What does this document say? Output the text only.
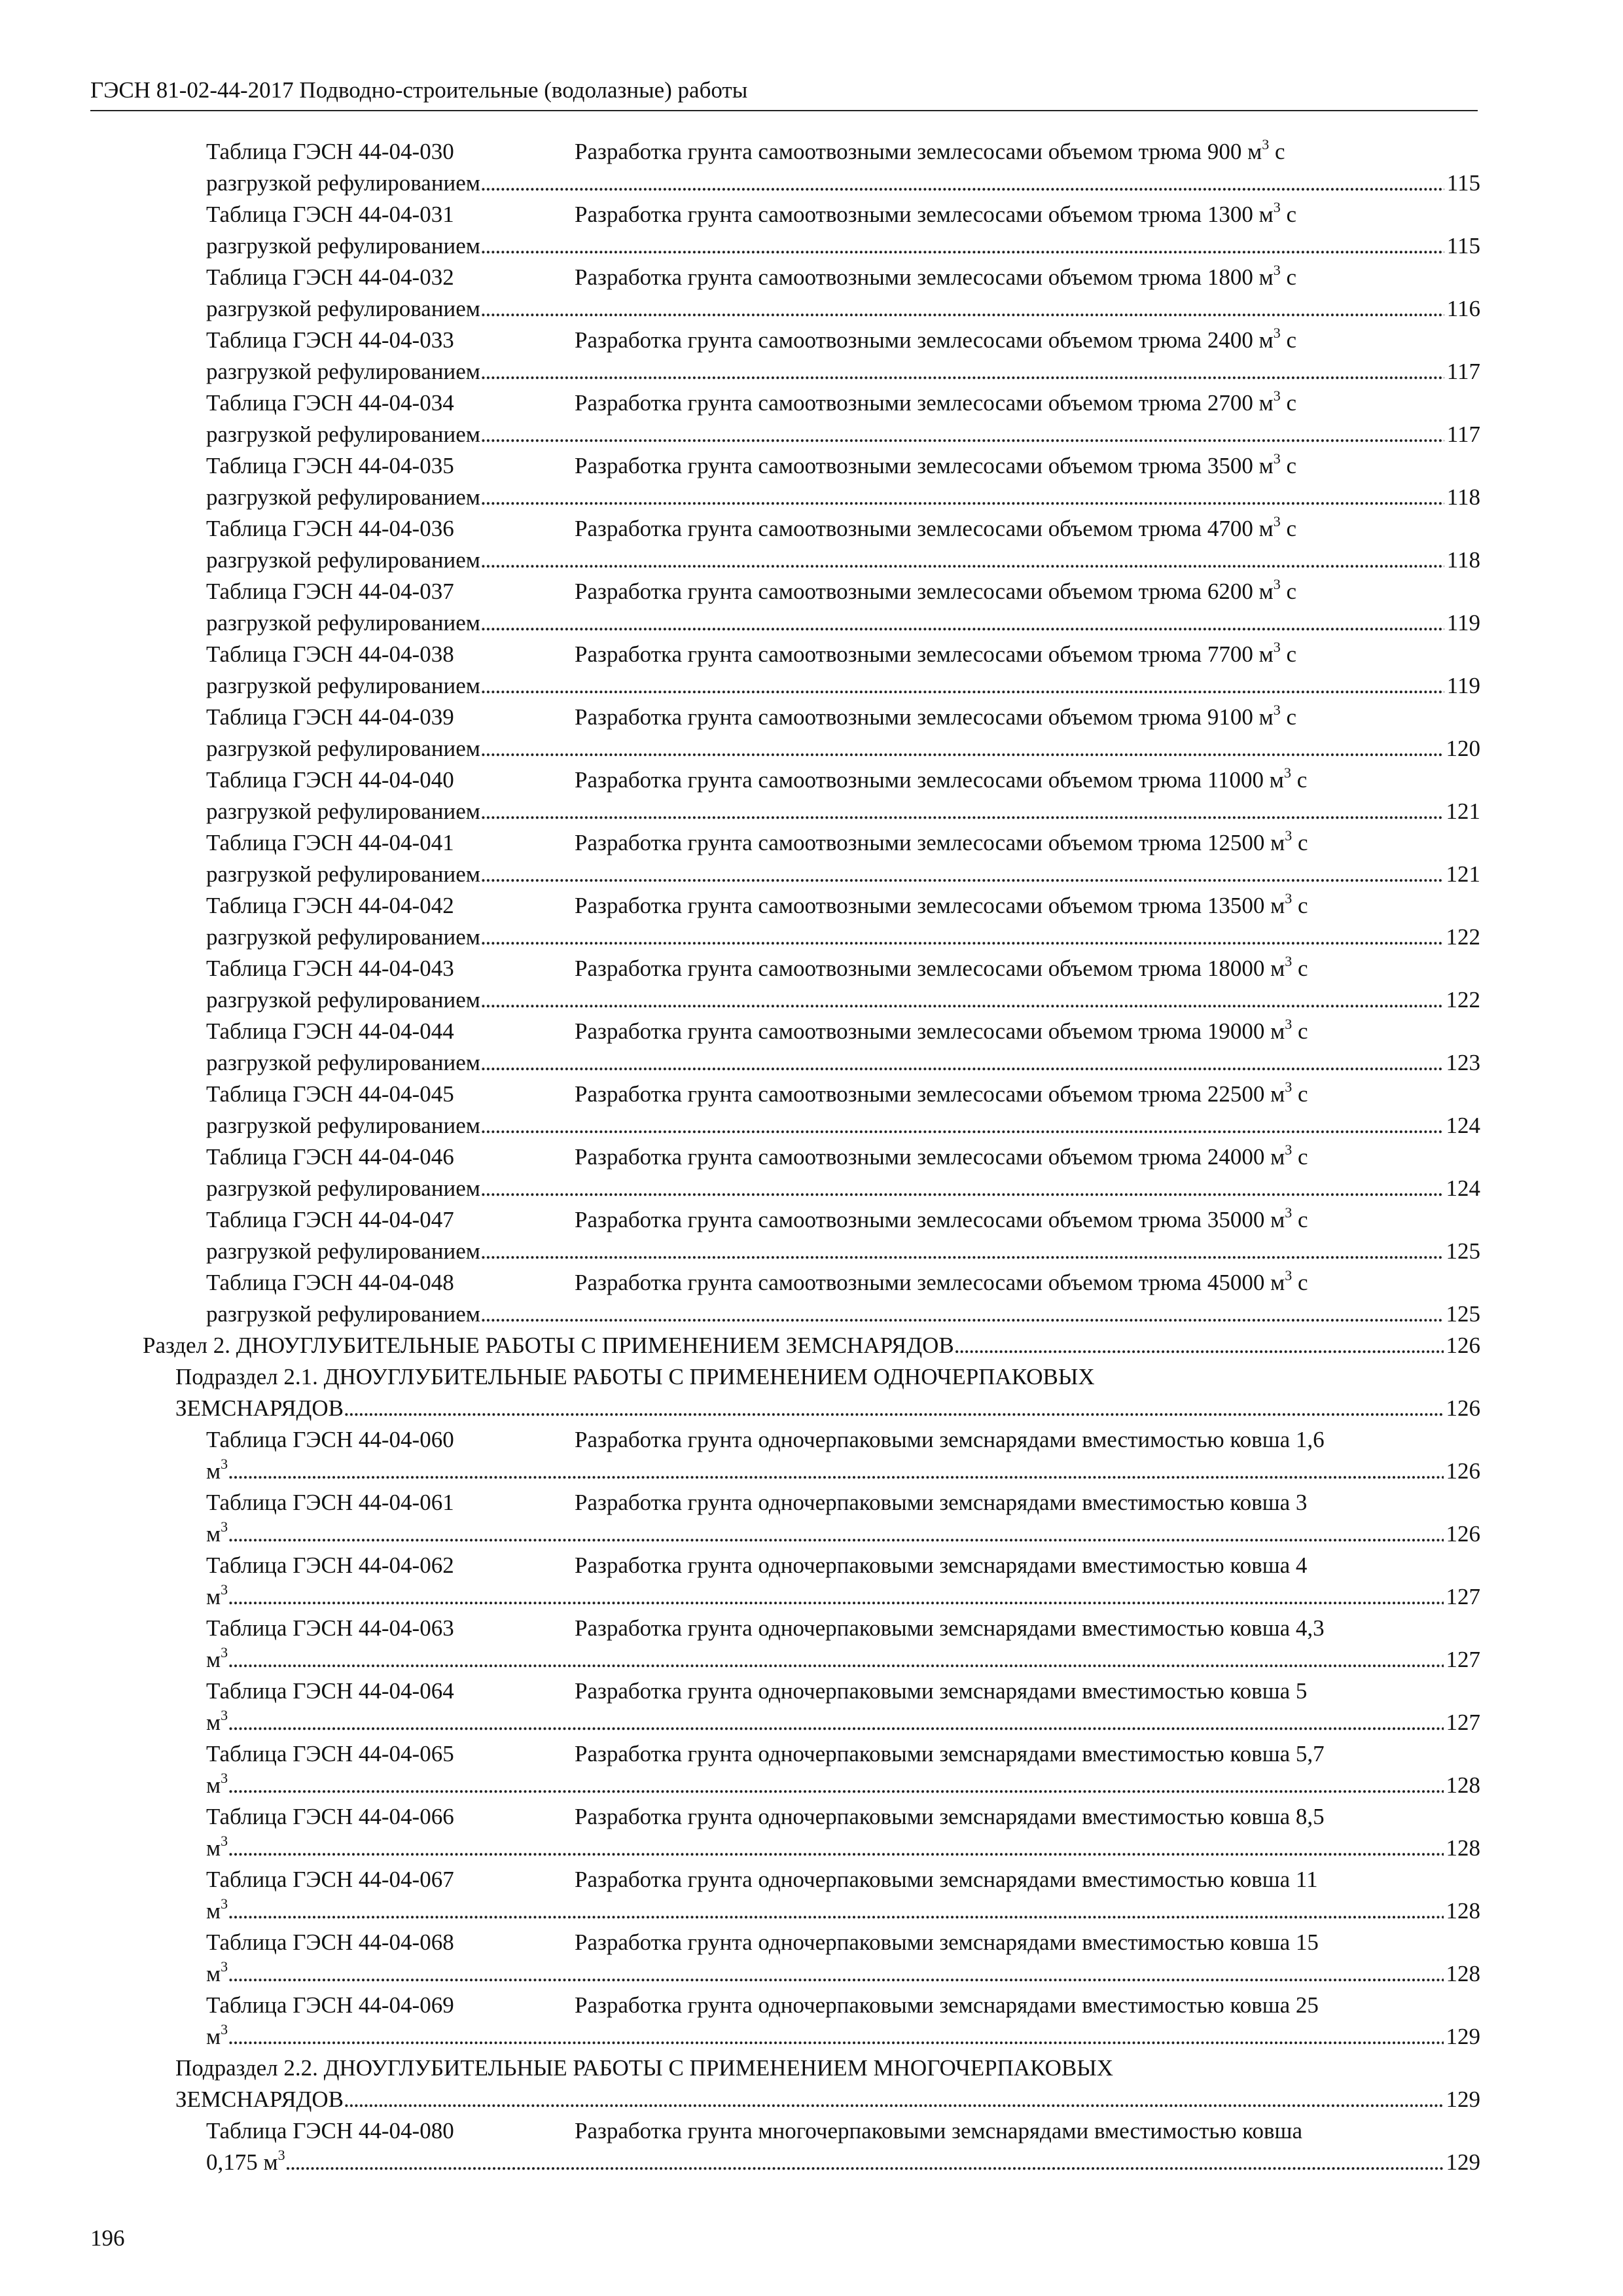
ГЭСН 81-02-44-2017 Подводно-строительные (водолазные) работы
Таблица ГЭСН 44-04-030	Разработка грунта самоотвозными землесосами объемом трюма 900 $м^3$ с
разгрузкой рефулированием . . .	115
Таблица ГЭСН 44-04-031	Разработка грунта самоотвозными землесосами объемом трюма 1300 $м^3$ с
разгрузкой рефулированием . . .	115
Таблица ГЭСН 44-04-032	Разработка грунта самоотвозными землесосами объемом трюма 1800 $м^3$ с
разгрузкой рефулированием . . .	116
Таблица ГЭСН 44-04-033	Разработка грунта самоотвозными землесосами объемом трюма 2400 $м^3$ с
разгрузкой рефулированием . . .	117
Таблица ГЭСН 44-04-034	Разработка грунта самоотвозными землесосами объемом трюма 2700 $м^3$ с
разгрузкой рефулированием . . .	117
Таблица ГЭСН 44-04-035	Разработка грунта самоотвозными землесосами объемом трюма 3500 $м^3$ с
разгрузкой рефулированием . . .	118
Таблица ГЭСН 44-04-036	Разработка грунта самоотвозными землесосами объемом трюма 4700 $м^3$ с
разгрузкой рефулированием . . .	118
Таблица ГЭСН 44-04-037	Разработка грунта самоотвозными землесосами объемом трюма 6200 $м^3$ с
разгрузкой рефулированием . . .	119
Таблица ГЭСН 44-04-038	Разработка грунта самоотвозными землесосами объемом трюма 7700 $м^3$ с
разгрузкой рефулированием . . .	119
Таблица ГЭСН 44-04-039	Разработка грунта самоотвозными землесосами объемом трюма 9100 $м^3$ с
разгрузкой рефулированием . . .	120
Таблица ГЭСН 44-04-040	Разработка грунта самоотвозными землесосами объемом трюма 11000 $м^3$ с
разгрузкой рефулированием . . .	121
Таблица ГЭСН 44-04-041	Разработка грунта самоотвозными землесосами объемом трюма 12500 $м^3$ с
разгрузкой рефулированием . . .	121
Таблица ГЭСН 44-04-042	Разработка грунта самоотвозными землесосами объемом трюма 13500 $м^3$ с
разгрузкой рефулированием . . .	122
Таблица ГЭСН 44-04-043	Разработка грунта самоотвозными землесосами объемом трюма 18000 $м^3$ с
разгрузкой рефулированием . . .	122
Таблица ГЭСН 44-04-044	Разработка грунта самоотвозными землесосами объемом трюма 19000 $м^3$ с
разгрузкой рефулированием . . .	123
Таблица ГЭСН 44-04-045	Разработка грунта самоотвозными землесосами объемом трюма 22500 $м^3$ с
разгрузкой рефулированием . . .	124
Таблица ГЭСН 44-04-046	Разработка грунта самоотвозными землесосами объемом трюма 24000 $м^3$ с
разгрузкой рефулированием . . .	124
Таблица ГЭСН 44-04-047	Разработка грунта самоотвозными землесосами объемом трюма 35000 $м^3$ с
разгрузкой рефулированием . . .	125
Таблица ГЭСН 44-04-048	Разработка грунта самоотвозными землесосами объемом трюма 45000 $м^3$ с
разгрузкой рефулированием . . .	125
Раздел 2. ДНОУГЛУБИТЕЛЬНЫЕ РАБОТЫ С ПРИМЕНЕНИЕМ ЗЕМСНАРЯДОВ . . .	126
Подраздел 2.1. ДНОУГЛУБИТЕЛЬНЫЕ РАБОТЫ С ПРИМЕНЕНИЕМ ОДНОЧЕРПАКОВЫХ
ЗЕМСНАРЯДОВ . . .	126
Таблица ГЭСН 44-04-060	Разработка грунта одночерпаковыми земснарядами вместимостью ковша 1,6
$м^3$ . . .	126
Таблица ГЭСН 44-04-061	Разработка грунта одночерпаковыми земснарядами вместимостью ковша 3
$м^3$ . . .	126
Таблица ГЭСН 44-04-062	Разработка грунта одночерпаковыми земснарядами вместимостью ковша 4
$м^3$ . . .	127
Таблица ГЭСН 44-04-063	Разработка грунта одночерпаковыми земснарядами вместимостью ковша 4,3
$м^3$ . . .	127
Таблица ГЭСН 44-04-064	Разработка грунта одночерпаковыми земснарядами вместимостью ковша 5
$м^3$ . . .	127
Таблица ГЭСН 44-04-065	Разработка грунта одночерпаковыми земснарядами вместимостью ковша 5,7
$м^3$ . . .	128
Таблица ГЭСН 44-04-066	Разработка грунта одночерпаковыми земснарядами вместимостью ковша 8,5
$м^3$ . . .	128
Таблица ГЭСН 44-04-067	Разработка грунта одночерпаковыми земснарядами вместимостью ковша 11
$м^3$ . . .	128
Таблица ГЭСН 44-04-068	Разработка грунта одночерпаковыми земснарядами вместимостью ковша 15
$м^3$ . . .	128
Таблица ГЭСН 44-04-069	Разработка грунта одночерпаковыми земснарядами вместимостью ковша 25
$м^3$ . . .	129
Подраздел 2.2. ДНОУГЛУБИТЕЛЬНЫЕ РАБОТЫ С ПРИМЕНЕНИЕМ МНОГОЧЕРПАКОВЫХ
ЗЕМСНАРЯДОВ . . .	129
Таблица ГЭСН 44-04-080	Разработка грунта многочерпаковыми земснарядами вместимостью ковша
0,175 $м^3$ . . .	129
196
